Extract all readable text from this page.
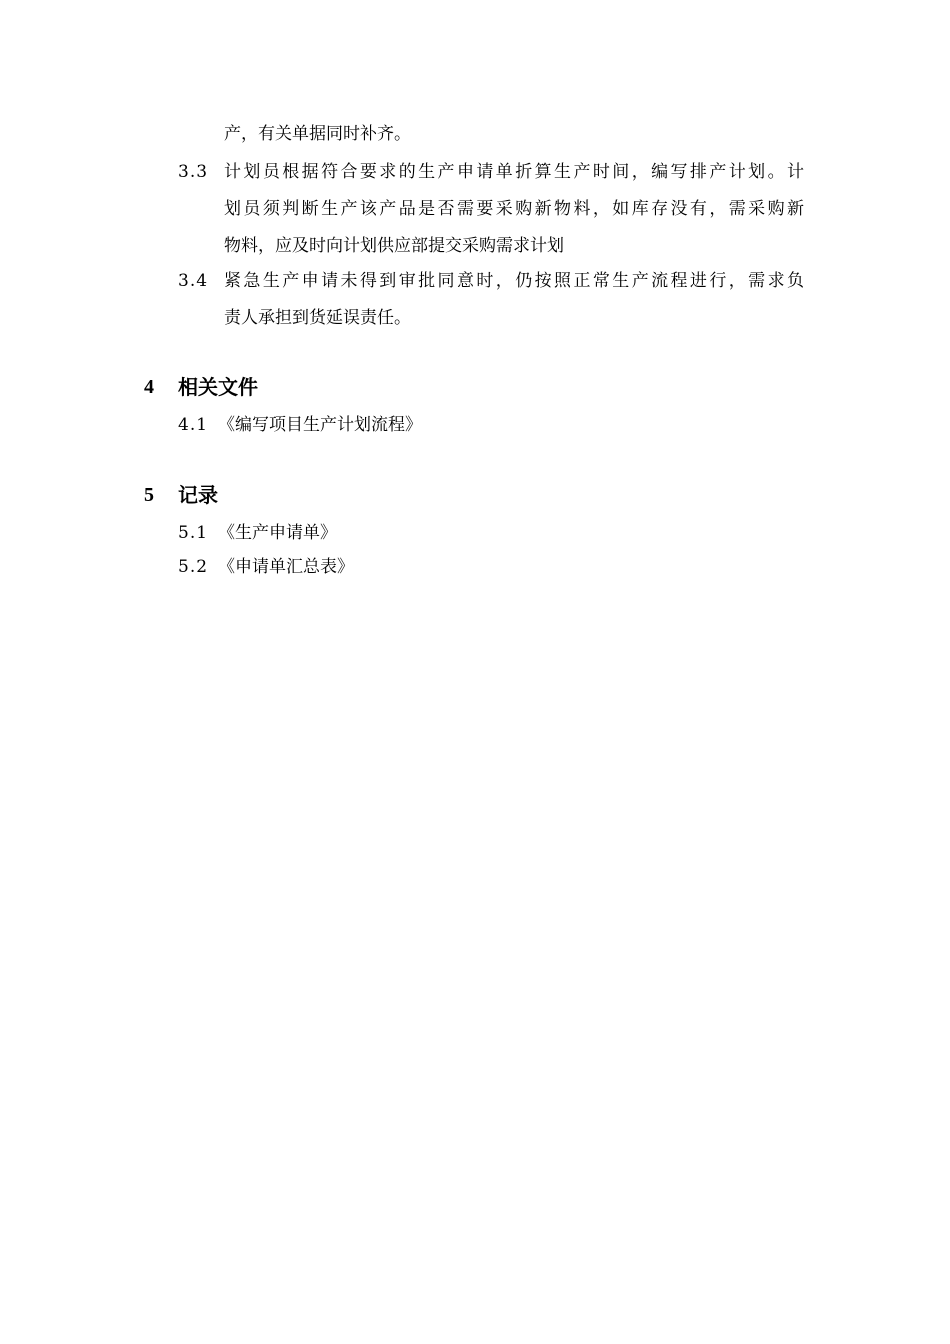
产，有关单据同时补齐。
3.3 计划员根据符合要求的生产申请单折算生产时间，编写排产计划。计
划员须判断生产该产品是否需要采购新物料，如库存没有，需采购新
物料，应及时向计划供应部提交采购需求计划
3.4 紧急生产申请未得到审批同意时，仍按照正常生产流程进行，需求负
责人承担到货延误责任。
4 相关文件
4.1 《编写项目生产计划流程》
5 记录
5.1 《生产申请单》
5.2 《申请单汇总表》
